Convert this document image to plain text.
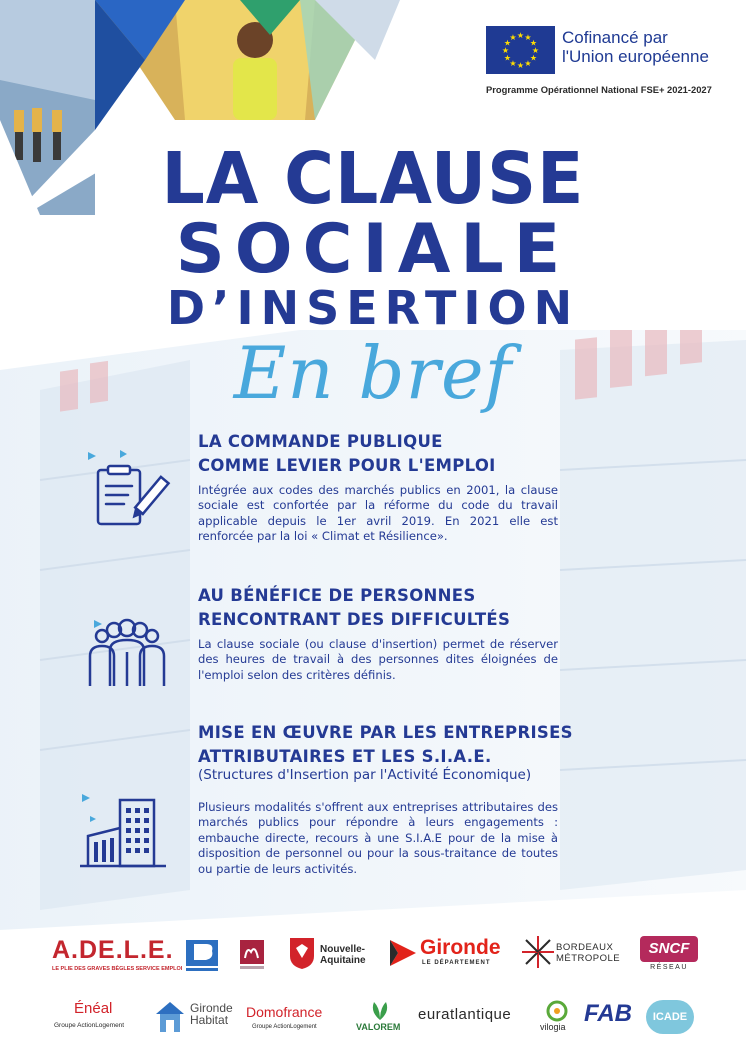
★ ★
★
★
★
★
★
★
★
★
★
★	Cofinancé par
l'Union européenne
Programme Opérationnel National FSE+ 2021-2027
LA CLAUSE
SOCIALE
D’INSERTION
En bref
LA COMMANDE PUBLIQUE
COMME LEVIER POUR L'EMPLOI
Intégrée aux codes des marchés publics en 2001, la clause sociale est confortée par la réforme du code du travail applicable depuis le 1er avril 2019. En 2021 elle est renforcée par la loi « Climat et Résilience».
AU BÉNÉFICE DE PERSONNES
RENCONTRANT DES DIFFICULTÉS
La clause sociale (ou clause d'insertion) permet de réserver des heures de travail à des personnes dites éloignées de l'emploi selon des critères définis.
MISE EN ŒUVRE PAR LES ENTREPRISES
ATTRIBUTAIRES ET LES S.I.A.E.
(Structures d'Insertion par l'Activité Économique)
Plusieurs modalités s'offrent aux entreprises attributaires des marchés publics pour répondre à leurs engagements : embauche directe, recours à une S.I.A.E pour de la mise à disposition de personnel ou pour la sous-traitance de toutes ou partie de leurs activités.
A.DE.L.E.
LE PLIE DES GRAVES BÈGLES SERVICE EMPLOI
Nouvelle-
Aquitaine
Gironde
LE DÉPARTEMENT
BORDEAUX
MÉTROPOLE
SNCF
RÉSEAU
Énéal
Groupe ActionLogement
Gironde
Habitat	Domofrance
Groupe ActionLogement	VALOREM
euratlantique
vilogia FAB	ICADE
